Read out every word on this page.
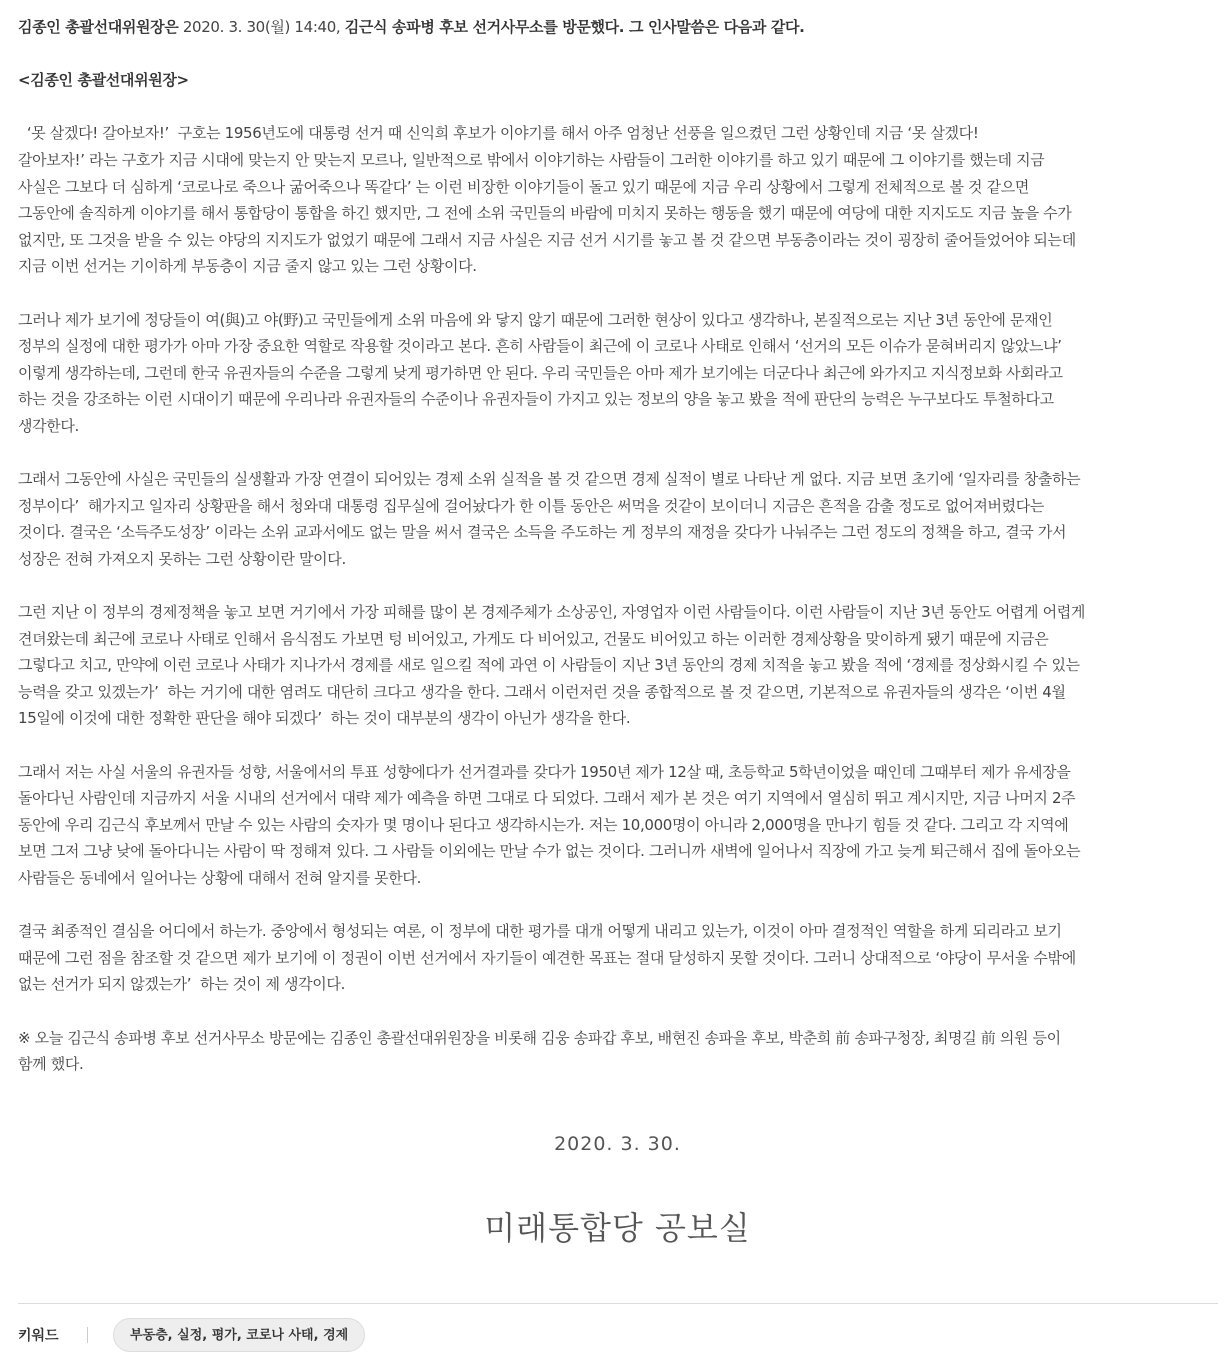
김종인 총괄선대위원장은 2020. 3. 30(월) 14:40, 김근식 송파병 후보 선거사무소를 방문했다. 그 인사말씀은 다음과 같다.
<김종인 총괄선대위원장>
‘못 살겠다! 갈아보자!’  구호는 1956년도에 대통령 선거 때 신익희 후보가 이야기를 해서 아주 엄청난 선풍을 일으켰던 그런 상황인데 지금 ‘못 살겠다!
갈아보자!’ 라는 구호가 지금 시대에 맞는지 안 맞는지 모르나, 일반적으로 밖에서 이야기하는 사람들이 그러한 이야기를 하고 있기 때문에 그 이야기를 했는데 지금
사실은 그보다 더 심하게 ‘코로나로 죽으나 굶어죽으나 똑같다’ 는 이런 비장한 이야기들이 돌고 있기 때문에 지금 우리 상황에서 그렇게 전체적으로 볼 것 같으면
그동안에 솔직하게 이야기를 해서 통합당이 통합을 하긴 했지만, 그 전에 소위 국민들의 바람에 미치지 못하는 행동을 했기 때문에 여당에 대한 지지도도 지금 높을 수가
없지만, 또 그것을 받을 수 있는 야당의 지지도가 없었기 때문에 그래서 지금 사실은 지금 선거 시기를 놓고 볼 것 같으면 부동층이라는 것이 굉장히 줄어들었어야 되는데
지금 이번 선거는 기이하게 부동층이 지금 줄지 않고 있는 그런 상황이다.
그러나 제가 보기에 정당들이 여(與)고 야(野)고 국민들에게 소위 마음에 와 닿지 않기 때문에 그러한 현상이 있다고 생각하나, 본질적으로는 지난 3년 동안에 문재인
정부의 실정에 대한 평가가 아마 가장 중요한 역할로 작용할 것이라고 본다. 흔히 사람들이 최근에 이 코로나 사태로 인해서 ‘선거의 모든 이슈가 묻혀버리지 않았느냐’
이렇게 생각하는데, 그런데 한국 유권자들의 수준을 그렇게 낮게 평가하면 안 된다. 우리 국민들은 아마 제가 보기에는 더군다나 최근에 와가지고 지식정보화 사회라고
하는 것을 강조하는 이런 시대이기 때문에 우리나라 유권자들의 수준이나 유권자들이 가지고 있는 정보의 양을 놓고 봤을 적에 판단의 능력은 누구보다도 투철하다고
생각한다.
그래서 그동안에 사실은 국민들의 실생활과 가장 연결이 되어있는 경제 소위 실적을 볼 것 같으면 경제 실적이 별로 나타난 게 없다. 지금 보면 초기에 ‘일자리를 창출하는
정부이다’  해가지고 일자리 상황판을 해서 청와대 대통령 집무실에 걸어놨다가 한 이틀 동안은 써먹을 것같이 보이더니 지금은 흔적을 감출 정도로 없어져버렸다는
것이다. 결국은 ‘소득주도성장’ 이라는 소위 교과서에도 없는 말을 써서 결국은 소득을 주도하는 게 정부의 재정을 갖다가 나눠주는 그런 정도의 정책을 하고, 결국 가서
성장은 전혀 가져오지 못하는 그런 상황이란 말이다.
그런 지난 이 정부의 경제정책을 놓고 보면 거기에서 가장 피해를 많이 본 경제주체가 소상공인, 자영업자 이런 사람들이다. 이런 사람들이 지난 3년 동안도 어렵게 어렵게
견뎌왔는데 최근에 코로나 사태로 인해서 음식점도 가보면 텅 비어있고, 가게도 다 비어있고, 건물도 비어있고 하는 이러한 경제상황을 맞이하게 됐기 때문에 지금은
그렇다고 치고, 만약에 이런 코로나 사태가 지나가서 경제를 새로 일으킬 적에 과연 이 사람들이 지난 3년 동안의 경제 치적을 놓고 봤을 적에 ‘경제를 정상화시킬 수 있는
능력을 갖고 있겠는가’  하는 거기에 대한 염려도 대단히 크다고 생각을 한다. 그래서 이런저런 것을 종합적으로 볼 것 같으면, 기본적으로 유권자들의 생각은 ‘이번 4월
15일에 이것에 대한 정확한 판단을 해야 되겠다’  하는 것이 대부분의 생각이 아닌가 생각을 한다.
그래서 저는 사실 서울의 유권자들 성향, 서울에서의 투표 성향에다가 선거결과를 갖다가 1950년 제가 12살 때, 초등학교 5학년이었을 때인데 그때부터 제가 유세장을
돌아다닌 사람인데 지금까지 서울 시내의 선거에서 대략 제가 예측을 하면 그대로 다 되었다. 그래서 제가 본 것은 여기 지역에서 열심히 뛰고 계시지만, 지금 나머지 2주
동안에 우리 김근식 후보께서 만날 수 있는 사람의 숫자가 몇 명이나 된다고 생각하시는가. 저는 10,000명이 아니라 2,000명을 만나기 힘들 것 같다. 그리고 각 지역에
보면 그저 그냥 낮에 돌아다니는 사람이 딱 정해져 있다. 그 사람들 이외에는 만날 수가 없는 것이다. 그러니까 새벽에 일어나서 직장에 가고 늦게 퇴근해서 집에 돌아오는
사람들은 동네에서 일어나는 상황에 대해서 전혀 알지를 못한다.
결국 최종적인 결심을 어디에서 하는가. 중앙에서 형성되는 여론, 이 정부에 대한 평가를 대개 어떻게 내리고 있는가, 이것이 아마 결정적인 역할을 하게 되리라고 보기
때문에 그런 점을 참조할 것 같으면 제가 보기에 이 정권이 이번 선거에서 자기들이 예견한 목표는 절대 달성하지 못할 것이다. 그러니 상대적으로 ‘야당이 무서울 수밖에
없는 선거가 되지 않겠는가’  하는 것이 제 생각이다.
※ 오늘 김근식 송파병 후보 선거사무소 방문에는 김종인 총괄선대위원장을 비롯해 김웅 송파갑 후보, 배현진 송파을 후보, 박춘희 前 송파구청장, 최명길 前 의원 등이
함께 했다.
2020. 3. 30.
미래통합당 공보실
키워드	부동층, 실정, 평가, 코로나 사태, 경제
